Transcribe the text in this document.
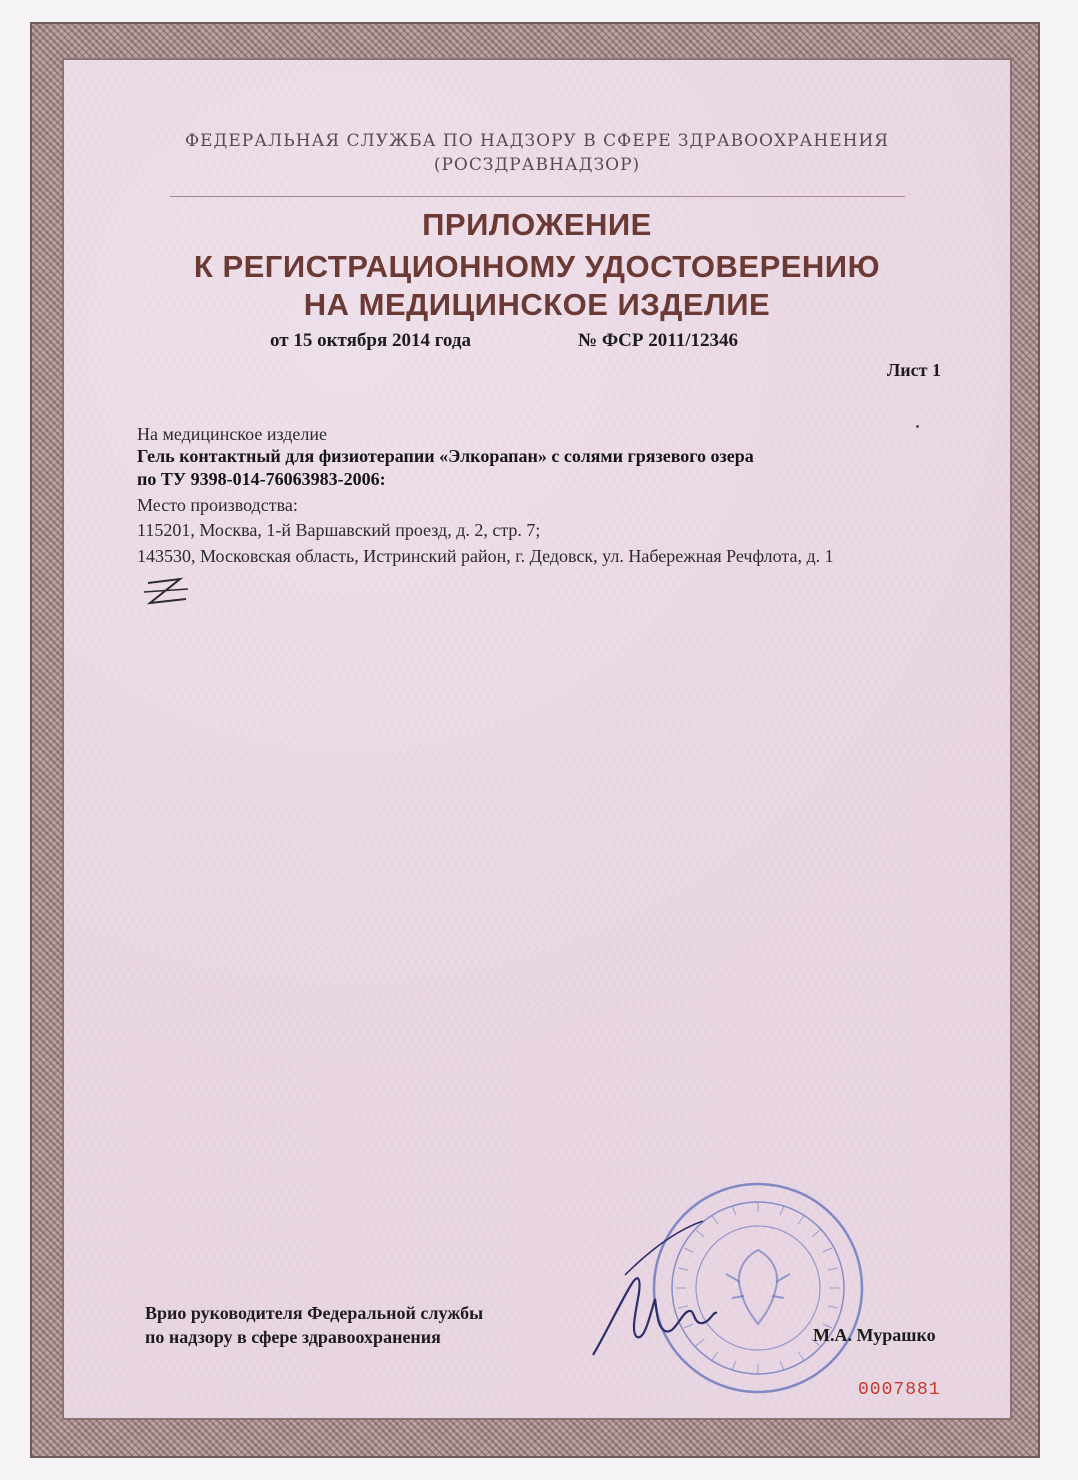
ФЕДЕРАЛЬНАЯ СЛУЖБА ПО НАДЗОРУ В СФЕРЕ ЗДРАВООХРАНЕНИЯ
(РОСЗДРАВНАДЗОР)
ПРИЛОЖЕНИЕ
К РЕГИСТРАЦИОННОМУ УДОСТОВЕРЕНИЮ
НА МЕДИЦИНСКОЕ ИЗДЕЛИЕ
от 15 октября 2014 года	№ ФСР 2011/12346
Лист 1
На медицинское изделие
Гель контактный для физиотерапии «Элкорапан» с солями грязевого озера
по ТУ 9398-014-76063983-2006:
Место производства:
115201, Москва, 1-й Варшавский проезд, д. 2, стр. 7;
143530, Московская область, Истринский район, г. Дедовск, ул. Набережная Речфлота, д. 1
Врио руководителя Федеральной службы
по надзору в сфере здравоохранения	М.А. Мурашко
0007881
